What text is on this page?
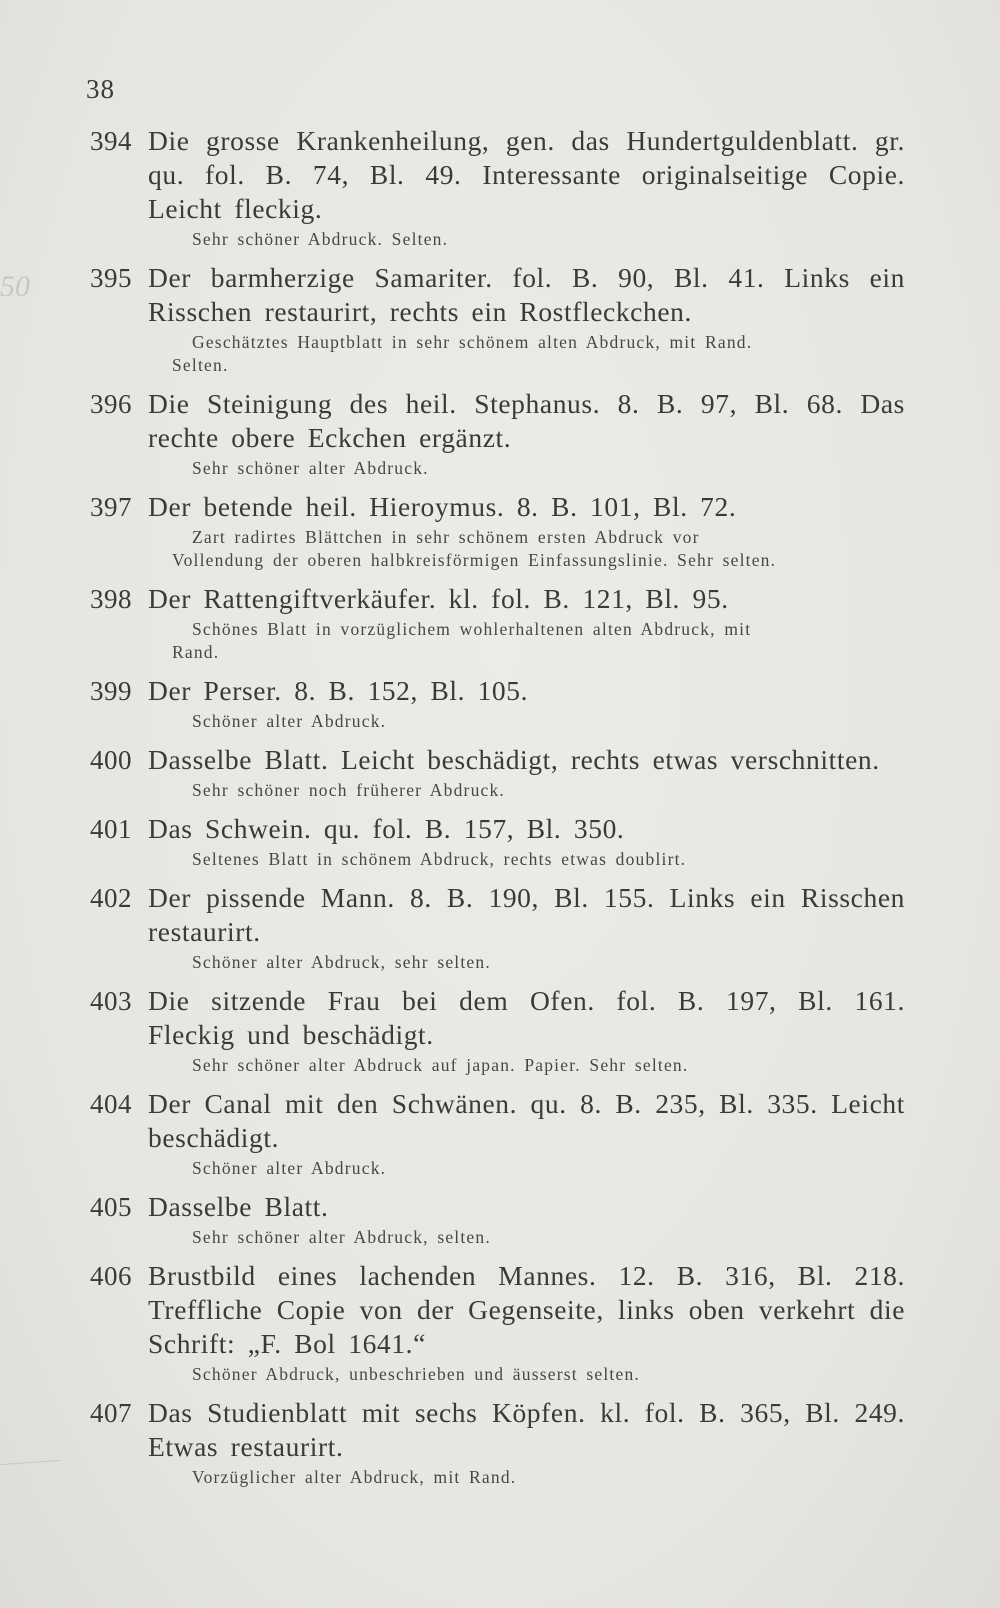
50
38
394 Die grosse Krankenheilung, gen. das Hundertguldenblatt. gr. qu. fol. B. 74, Bl. 49. Interessante originalseitige Copie. Leicht fleckig.
Sehr schöner Abdruck. Selten.
395 Der barmherzige Samariter. fol. B. 90, Bl. 41. Links ein Risschen restaurirt, rechts ein Rostfleckchen.
Geschätztes Hauptblatt in sehr schönem alten Abdruck, mit Rand.
Selten.
396 Die Steinigung des heil. Stephanus. 8. B. 97, Bl. 68. Das rechte obere Eckchen ergänzt.
Sehr schöner alter Abdruck.
397 Der betende heil. Hieroymus. 8. B. 101, Bl. 72.
Zart radirtes Blättchen in sehr schönem ersten Abdruck vor
Vollendung der oberen halbkreisförmigen Einfassungslinie. Sehr selten.
398 Der Rattengiftverkäufer. kl. fol. B. 121, Bl. 95.
Schönes Blatt in vorzüglichem wohlerhaltenen alten Abdruck, mit
Rand.
399 Der Perser. 8. B. 152, Bl. 105.
Schöner alter Abdruck.
400 Dasselbe Blatt. Leicht beschädigt, rechts etwas verschnitten.
Sehr schöner noch früherer Abdruck.
401 Das Schwein. qu. fol. B. 157, Bl. 350.
Seltenes Blatt in schönem Abdruck, rechts etwas doublirt.
402 Der pissende Mann. 8. B. 190, Bl. 155. Links ein Risschen restaurirt.
Schöner alter Abdruck, sehr selten.
403 Die sitzende Frau bei dem Ofen. fol. B. 197, Bl. 161. Fleckig und beschädigt.
Sehr schöner alter Abdruck auf japan. Papier. Sehr selten.
404 Der Canal mit den Schwänen. qu. 8. B. 235, Bl. 335. Leicht beschädigt.
Schöner alter Abdruck.
405 Dasselbe Blatt.
Sehr schöner alter Abdruck, selten.
406 Brustbild eines lachenden Mannes. 12. B. 316, Bl. 218. Treffliche Copie von der Gegenseite, links oben verkehrt die Schrift: „F. Bol 1641.“
Schöner Abdruck, unbeschrieben und äusserst selten.
407 Das Studienblatt mit sechs Köpfen. kl. fol. B. 365, Bl. 249. Etwas restaurirt.
Vorzüglicher alter Abdruck, mit Rand.
